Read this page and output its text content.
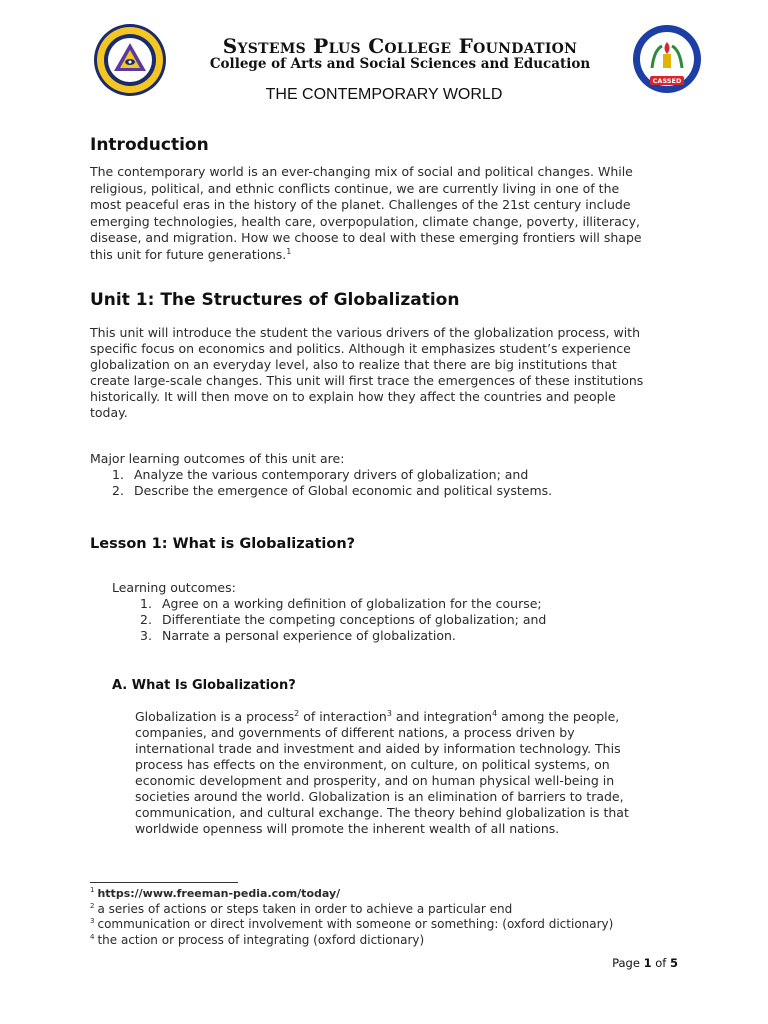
CASSED
Systems Plus College Foundation
College of Arts and Social Sciences and Education
THE CONTEMPORARY WORLD
Introduction
The contemporary world is an ever-changing mix of social and political changes. While
religious, political, and ethnic conflicts continue, we are currently living in one of the
most peaceful eras in the history of the planet. Challenges of the 21st century include
emerging technologies, health care, overpopulation, climate change, poverty, illiteracy,
disease, and migration. How we choose to deal with these emerging frontiers will shape
this unit for future generations.$^1$
Unit 1: The Structures of Globalization
This unit will introduce the student the various drivers of the globalization process, with
specific focus on economics and politics. Although it emphasizes student’s experience
globalization on an everyday level, also to realize that there are big institutions that
create large-scale changes. This unit will first trace the emergences of these institutions
historically. It will then move on to explain how they affect the countries and people
today.
Major learning outcomes of this unit are:
1. Analyze the various contemporary drivers of globalization; and
2. Describe the emergence of Global economic and political systems.
Lesson 1: What is Globalization?
Learning outcomes:
1. Agree on a working definition of globalization for the course;
2. Differentiate the competing conceptions of globalization; and
3. Narrate a personal experience of globalization.
A. What Is Globalization?
Globalization is a process$^2$ of interaction$^3$ and integration$^4$ among the people,
companies, and governments of different nations, a process driven by
international trade and investment and aided by information technology. This
process has effects on the environment, on culture, on political systems, on
economic development and prosperity, and on human physical well-being in
societies around the world. Globalization is an elimination of barriers to trade,
communication, and cultural exchange. The theory behind globalization is that
worldwide openness will promote the inherent wealth of all nations.
$^1$ https://www.freeman-pedia.com/today/
$^2$ a series of actions or steps taken in order to achieve a particular end
$^3$ communication or direct involvement with someone or something: (oxford dictionary)
$^4$ the action or process of integrating (oxford dictionary)
Page 1 of 5
